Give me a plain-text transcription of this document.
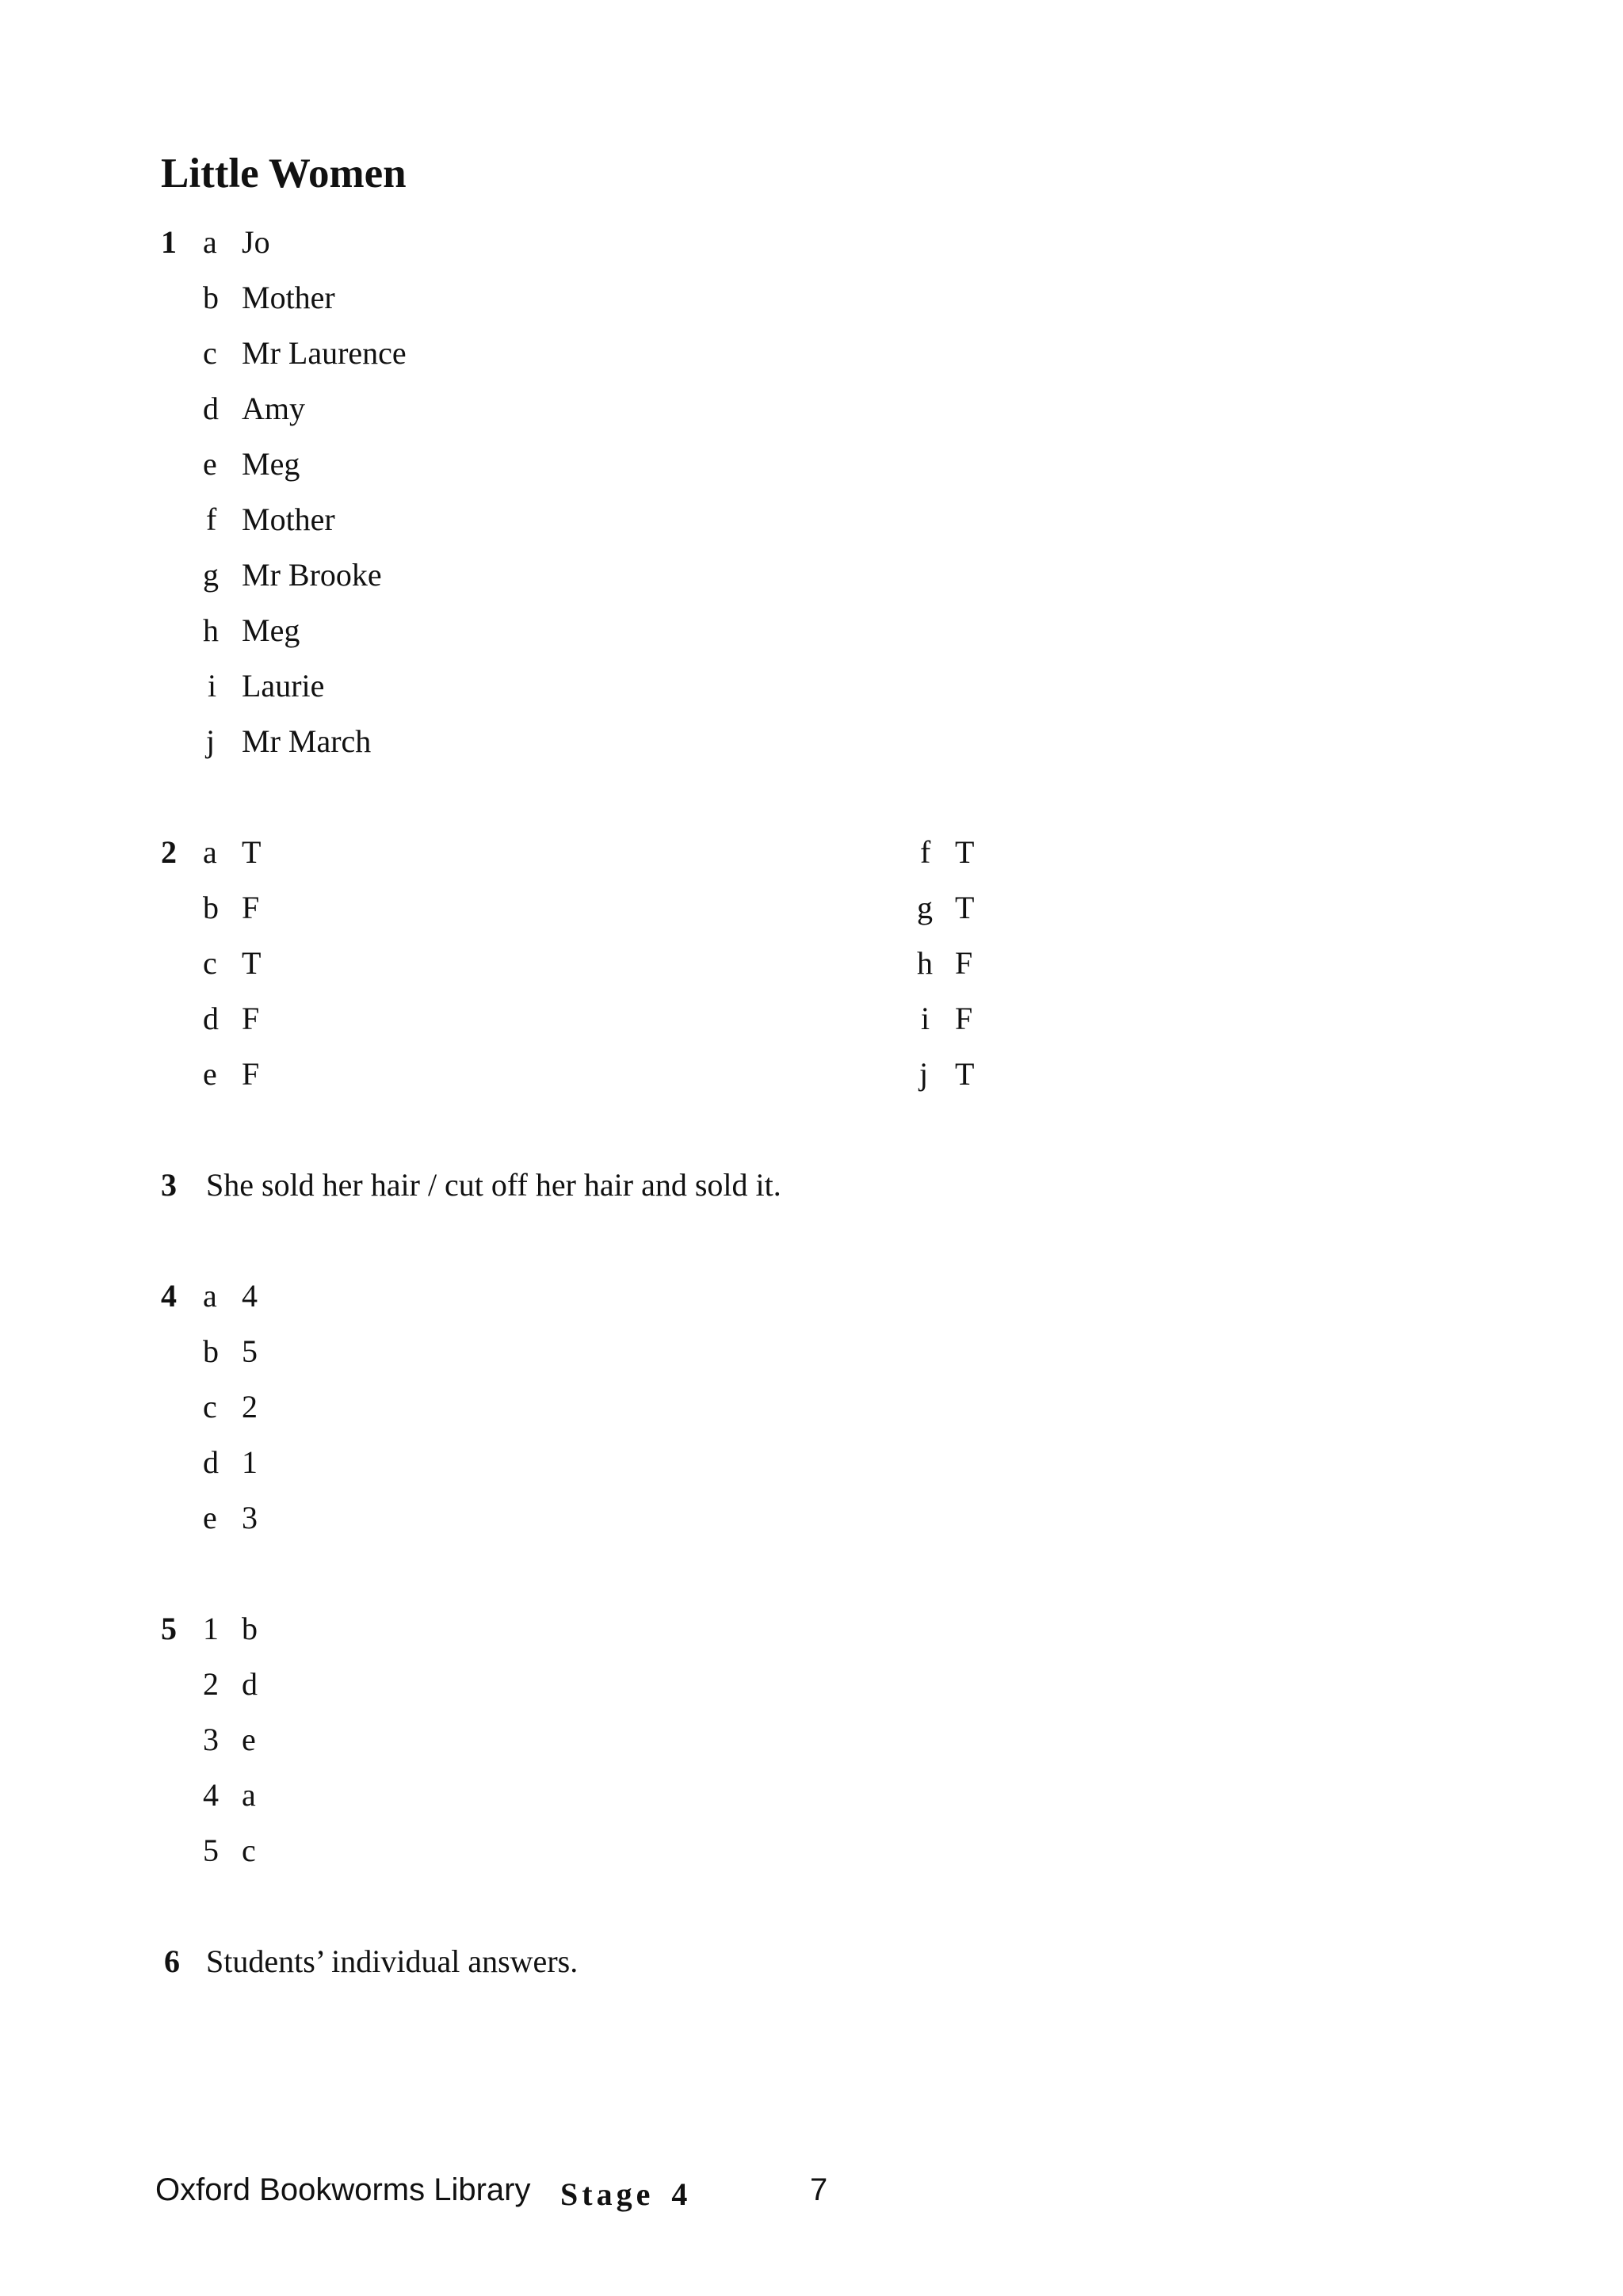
Little Women
1 a Jo
b Mother
c Mr Laurence
d Amy
e Meg
f Mother
g Mr Brooke
h Meg
i Laurie
j Mr March
2 a T
b F
c T
d F
e F
f T
g T
h F
i F
j T
3 She sold her hair / cut off her hair and sold it.
4 a 4
b 5
c 2
d 1
e 3
5 1 b
2 d
3 e
4 a
5 c
6 Students’ individual answers.
Oxford Bookworms Library Stage 4	7
